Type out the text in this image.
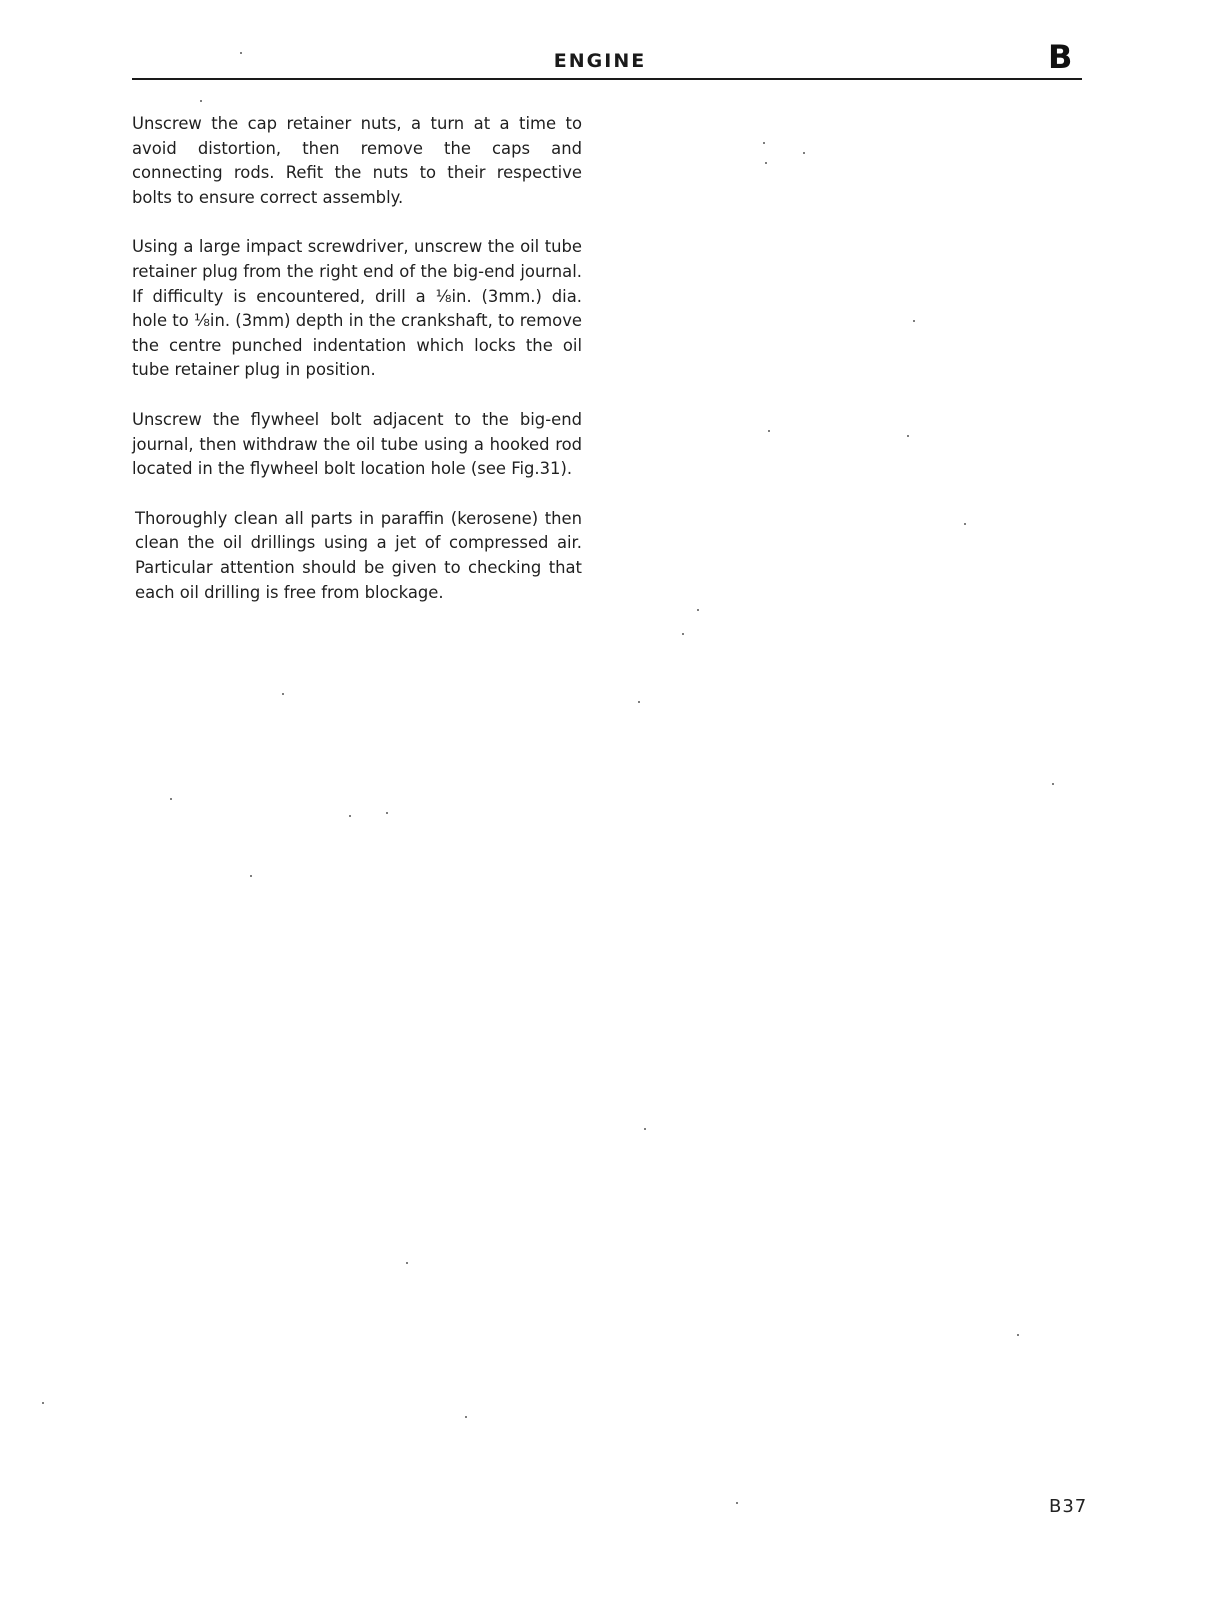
ENGINE	B

Unscrew the cap retainer nuts, a turn at a time to avoid distortion, then remove the caps and connecting rods. Refit the nuts to their respective bolts to ensure correct assembly.

Using a large impact screwdriver, unscrew the oil tube retainer plug from the right end of the big-end journal. If difficulty is encountered, drill a ⅛in. (3mm.) dia. hole to ⅛in. (3mm) depth in the crankshaft, to remove the centre punched indentation which locks the oil tube retainer plug in position.

Unscrew the flywheel bolt adjacent to the big-end journal, then withdraw the oil tube using a hooked rod located in the flywheel bolt location hole (see Fig.31).

Thoroughly clean all parts in paraffin (kerosene) then clean the oil drillings using a jet of compressed air. Particular attention should be given to checking that each oil drilling is free from blockage.

B37
